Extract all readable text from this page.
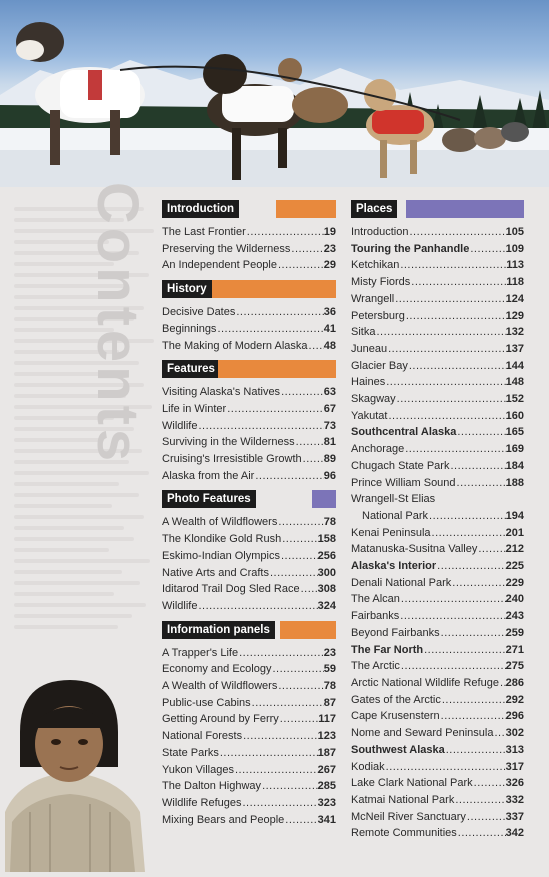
Contents	Introduction
The Last Frontier .....	19
Preserving the Wilderness .....	23
An Independent People .....	29
History
Decisive Dates .....	36
Beginnings .....	41
The Making of Modern Alaska ..... 48
Features
Visiting Alaska's Natives .....	63
Life in Winter .....	67
Wildlife .....	73
Surviving in the Wilderness .....	81
Cruising's Irresistible Growth ..... 89
Alaska from the Air .....	96
Photo Features
A Wealth of Wildflowers .....	78
The Klondike Gold Rush .....	158
Eskimo-Indian Olympics .....	256
Native Arts and Crafts .....	300
Iditarod Trail Dog Sled Race ..... 308
Wildlife .....	324
Information panels
A Trapper's Life .....	23
Economy and Ecology .....	59
A Wealth of Wildflowers .....	78
Public-use Cabins .....	87
Getting Around by Ferry .....	117
National Forests .....	123
State Parks .....	187
Yukon Villages .....	267
The Dalton Highway .....	285
Wildlife Refuges .....	323
Mixing Bears and People .....	341
Places
Introduction .....	105
Touring the Panhandle .....	109
Ketchikan .....	113
Misty Fiords .....	118
Wrangell .....	124
Petersburg .....	129
Sitka .....	132
Juneau .....	137
Glacier Bay .....	144
Haines .....	148
Skagway .....	152
Yakutat .....	160
Southcentral Alaska .....	165
Anchorage .....	169
Chugach State Park .....	184
Prince William Sound .....	188
Wrangell-St Elias
National Park .....	194
Kenai Peninsula .....	201
Matanuska-Susitna Valley .....	212
Alaska's Interior .....	225
Denali National Park .....	229
The Alcan .....	240
Fairbanks .....	243
Beyond Fairbanks .....	259
The Far North .....	271
The Arctic .....	275
Arctic National Wildlife Refuge ..... 286
Gates of the Arctic .....	292
Cape Krusenstern .....	296
Nome and Seward Peninsula ..... 302
Southwest Alaska .....	313
Kodiak .....	317
Lake Clark National Park .....	326
Katmai National Park .....	332
McNeil River Sanctuary .....	337
Remote Communities .....	342
